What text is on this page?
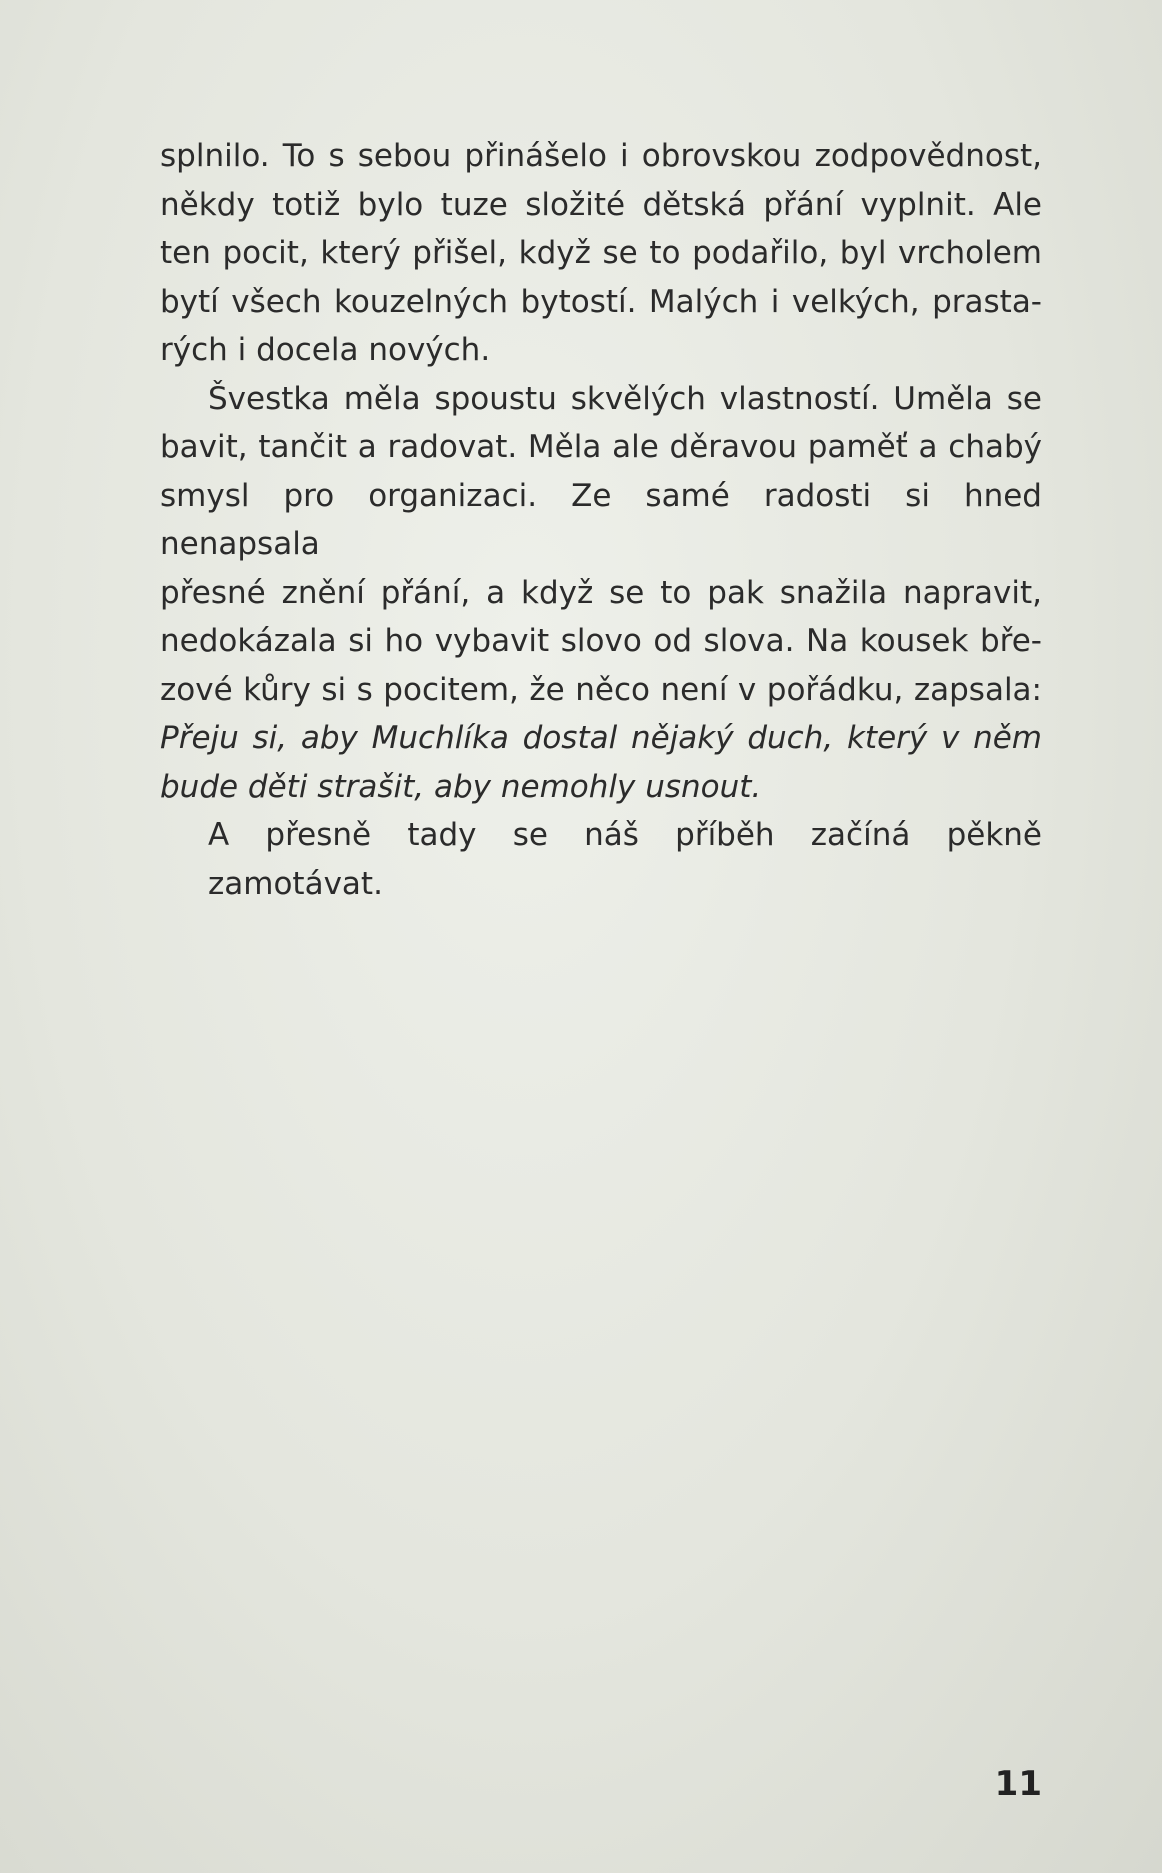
splnilo. To s sebou přinášelo i obrovskou zodpovědnost,
někdy totiž bylo tuze složité dětská přání vyplnit. Ale
ten pocit, který přišel, když se to podařilo, byl vrcholem
bytí všech kouzelných bytostí. Malých i velkých, prasta-
rých i docela nových.
Švestka měla spoustu skvělých vlastností. Uměla se
bavit, tančit a radovat. Měla ale děravou paměť a chabý
smysl pro organizaci. Ze samé radosti si hned nenapsala
přesné znění přání, a když se to pak snažila napravit,
nedokázala si ho vybavit slovo od slova. Na kousek bře-
zové kůry si s pocitem, že něco není v pořádku, zapsala:
Přeju si, aby Muchlíka dostal nějaký duch, který v něm
bude děti strašit, aby nemohly usnout.
A přesně tady se náš příběh začíná pěkně zamotávat.
11
